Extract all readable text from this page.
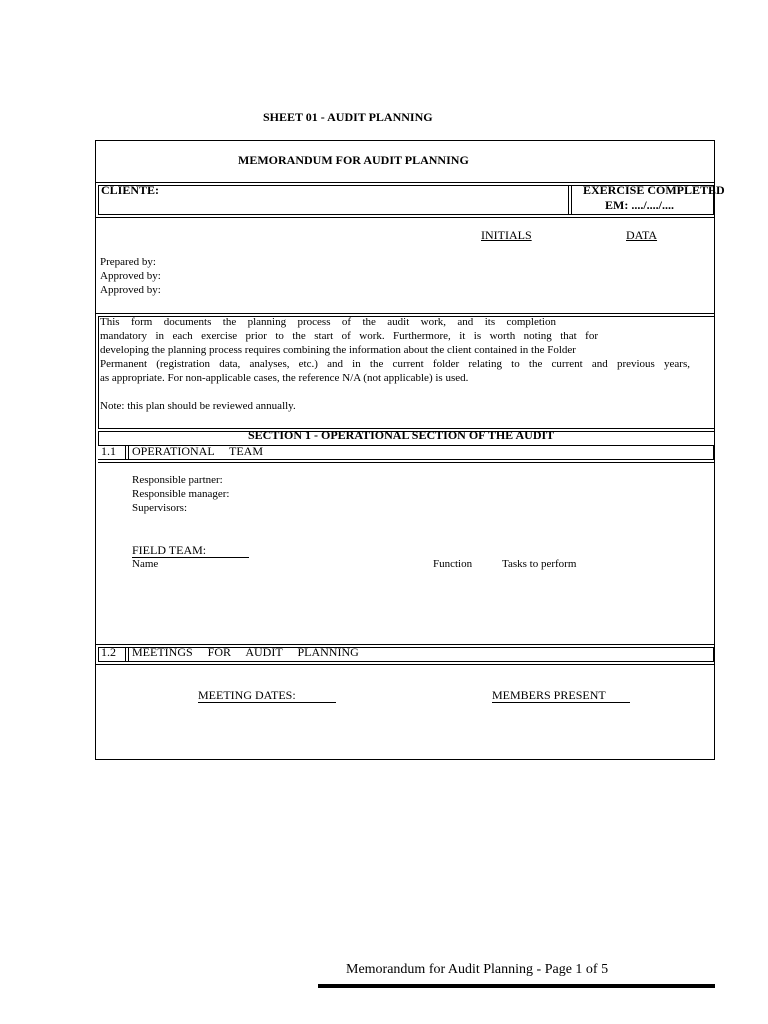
SHEET 01 - AUDIT PLANNING
MEMORANDUM FOR AUDIT PLANNING
CLIENTE:	EXERCISE COMPLETED
EM: ..../..../....
INITIALS	DATA
Prepared by:
Approved by:
Approved by:

This form documents the planning process of the audit work, and its completion

mandatory in each exercise prior to the start of work. Furthermore, it is worth noting that for

developing the planning process requires combining the information about the client contained in the Folder

Permanent (registration data, analyses, etc.) and in the current folder relating to the current and previous years,

as appropriate. For non-applicable cases, the reference N/A (not applicable) is used.

Note: this plan should be reviewed annually.

SECTION 1 - OPERATIONAL SECTION OF THE AUDIT
1.1 OPERATIONAL     TEAM
Responsible partner:
Responsible manager:
Supervisors:
FIELD TEAM:
Name	Function	Tasks to perform
1.2 MEETINGS     FOR     AUDIT     PLANNING
MEETING DATES:	MEMBERS PRESENT
Memorandum for Audit Planning - Page 1 of 5
